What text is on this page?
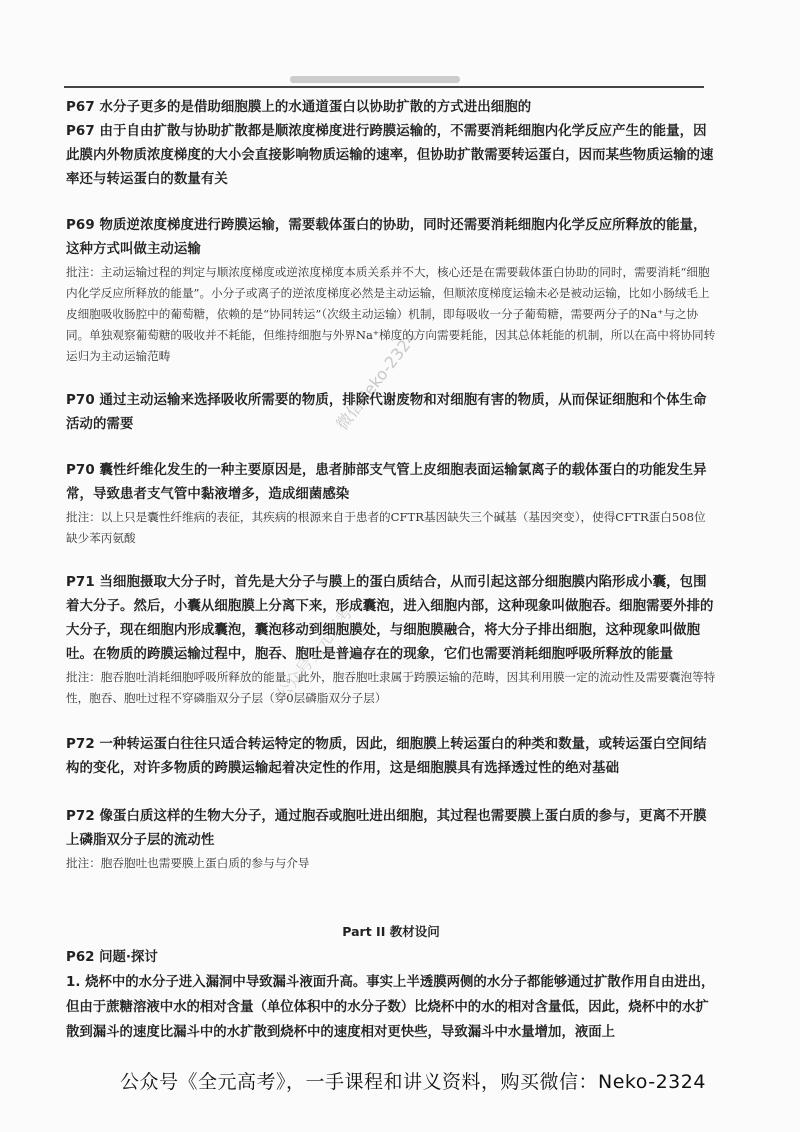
微信Neko-2324
公众号全元高考
P67 水分子更多的是借助细胞膜上的水通道蛋白以协助扩散的方式进出细胞的
P67 由于自由扩散与协助扩散都是顺浓度梯度进行跨膜运输的，不需要消耗细胞内化学反应产生的能量，因此膜内外物质浓度梯度的大小会直接影响物质运输的速率，但协助扩散需要转运蛋白，因而某些物质运输的速率还与转运蛋白的数量有关
P69 物质逆浓度梯度进行跨膜运输，需要载体蛋白的协助，同时还需要消耗细胞内化学反应所释放的能量，这种方式叫做主动运输
批注：主动运输过程的判定与顺浓度梯度或逆浓度梯度本质关系并不大，核心还是在需要载体蛋白协助的同时，需要消耗“细胞内化学反应所释放的能量”。小分子或离子的逆浓度梯度必然是主动运输，但顺浓度梯度运输未必是被动运输，比如小肠绒毛上皮细胞吸收肠腔中的葡萄糖，依赖的是“协同转运”（次级主动运输）机制，即每吸收一分子葡萄糖，需要两分子的Na⁺与之协同。单独观察葡萄糖的吸收并不耗能，但维持细胞与外界Na⁺梯度的方向需要耗能，因其总体耗能的机制，所以在高中将协同转运归为主动运输范畴
P70 通过主动运输来选择吸收所需要的物质，排除代谢废物和对细胞有害的物质，从而保证细胞和个体生命活动的需要
P70 囊性纤维化发生的一种主要原因是，患者肺部支气管上皮细胞表面运输氯离子的载体蛋白的功能发生异常，导致患者支气管中黏液增多，造成细菌感染
批注：以上只是囊性纤维病的表征，其疾病的根源来自于患者的CFTR基因缺失三个碱基（基因突变），使得CFTR蛋白508位缺少苯丙氨酸
P71 当细胞摄取大分子时，首先是大分子与膜上的蛋白质结合，从而引起这部分细胞膜内陷形成小囊，包围着大分子。然后，小囊从细胞膜上分离下来，形成囊泡，进入细胞内部，这种现象叫做胞吞。细胞需要外排的大分子，现在细胞内形成囊泡，囊泡移动到细胞膜处，与细胞膜融合，将大分子排出细胞，这种现象叫做胞吐。在物质的跨膜运输过程中，胞吞、胞吐是普遍存在的现象，它们也需要消耗细胞呼吸所释放的能量
批注：胞吞胞吐消耗细胞呼吸所释放的能量。此外，胞吞胞吐隶属于跨膜运输的范畴，因其利用膜一定的流动性及需要囊泡等特性，胞吞、胞吐过程不穿磷脂双分子层（穿0层磷脂双分子层）
P72 一种转运蛋白往往只适合转运特定的物质，因此，细胞膜上转运蛋白的种类和数量，或转运蛋白空间结构的变化，对许多物质的跨膜运输起着决定性的作用，这是细胞膜具有选择透过性的绝对基础
P72 像蛋白质这样的生物大分子，通过胞吞或胞吐进出细胞，其过程也需要膜上蛋白质的参与，更离不开膜上磷脂双分子层的流动性
批注：胞吞胞吐也需要膜上蛋白质的参与与介导
Part II 教材设问
P62 问题·探讨
1. 烧杯中的水分子进入漏洞中导致漏斗液面升高。事实上半透膜两侧的水分子都能够通过扩散作用自由进出，但由于蔗糖溶液中水的相对含量（单位体积中的水分子数）比烧杯中的水的相对含量低，因此，烧杯中的水扩散到漏斗的速度比漏斗中的水扩散到烧杯中的速度相对更快些，导致漏斗中水量增加，液面上
公众号《全元高考》，一手课程和讲义资料，购买微信：Neko-2324
